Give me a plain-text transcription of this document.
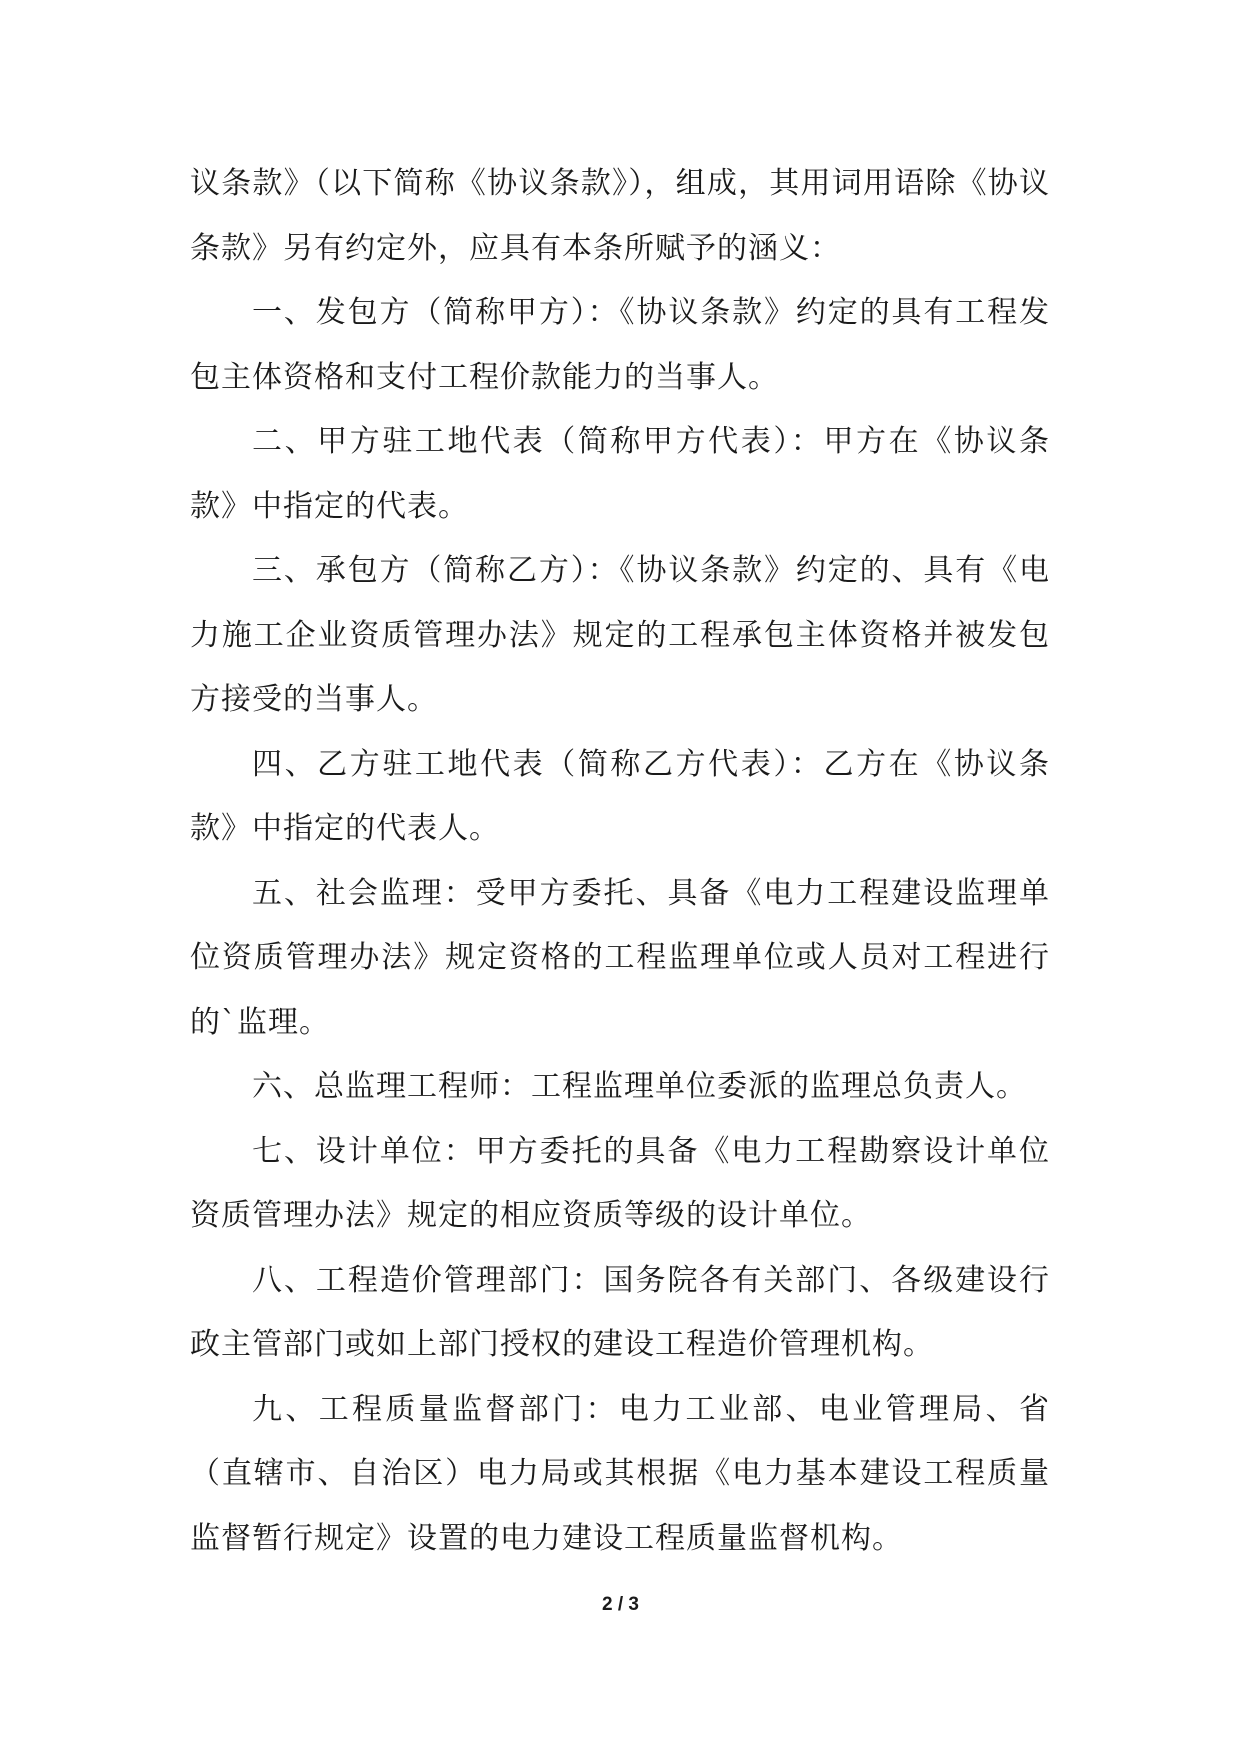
议条款》（以下简称《协议条款》），组成，其用词用语除《协议条款》另有约定外，应具有本条所赋予的涵义：

一、发包方（简称甲方）：《协议条款》约定的具有工程发包主体资格和支付工程价款能力的当事人。

二、甲方驻工地代表（简称甲方代表）：甲方在《协议条款》中指定的代表。

三、承包方（简称乙方）：《协议条款》约定的、具有《电力施工企业资质管理办法》规定的工程承包主体资格并被发包方接受的当事人。

四、乙方驻工地代表（简称乙方代表）：乙方在《协议条款》中指定的代表人。

五、社会监理：受甲方委托、具备《电力工程建设监理单位资质管理办法》规定资格的工程监理单位或人员对工程进行的`监理。

六、总监理工程师：工程监理单位委派的监理总负责人。

七、设计单位：甲方委托的具备《电力工程勘察设计单位资质管理办法》规定的相应资质等级的设计单位。

八、工程造价管理部门：国务院各有关部门、各级建设行政主管部门或如上部门授权的建设工程造价管理机构。

九、工程质量监督部门：电力工业部、电业管理局、省（直辖市、自治区）电力局或其根据《电力基本建设工程质量监督暂行规定》设置的电力建设工程质量监督机构。

2 / 3
